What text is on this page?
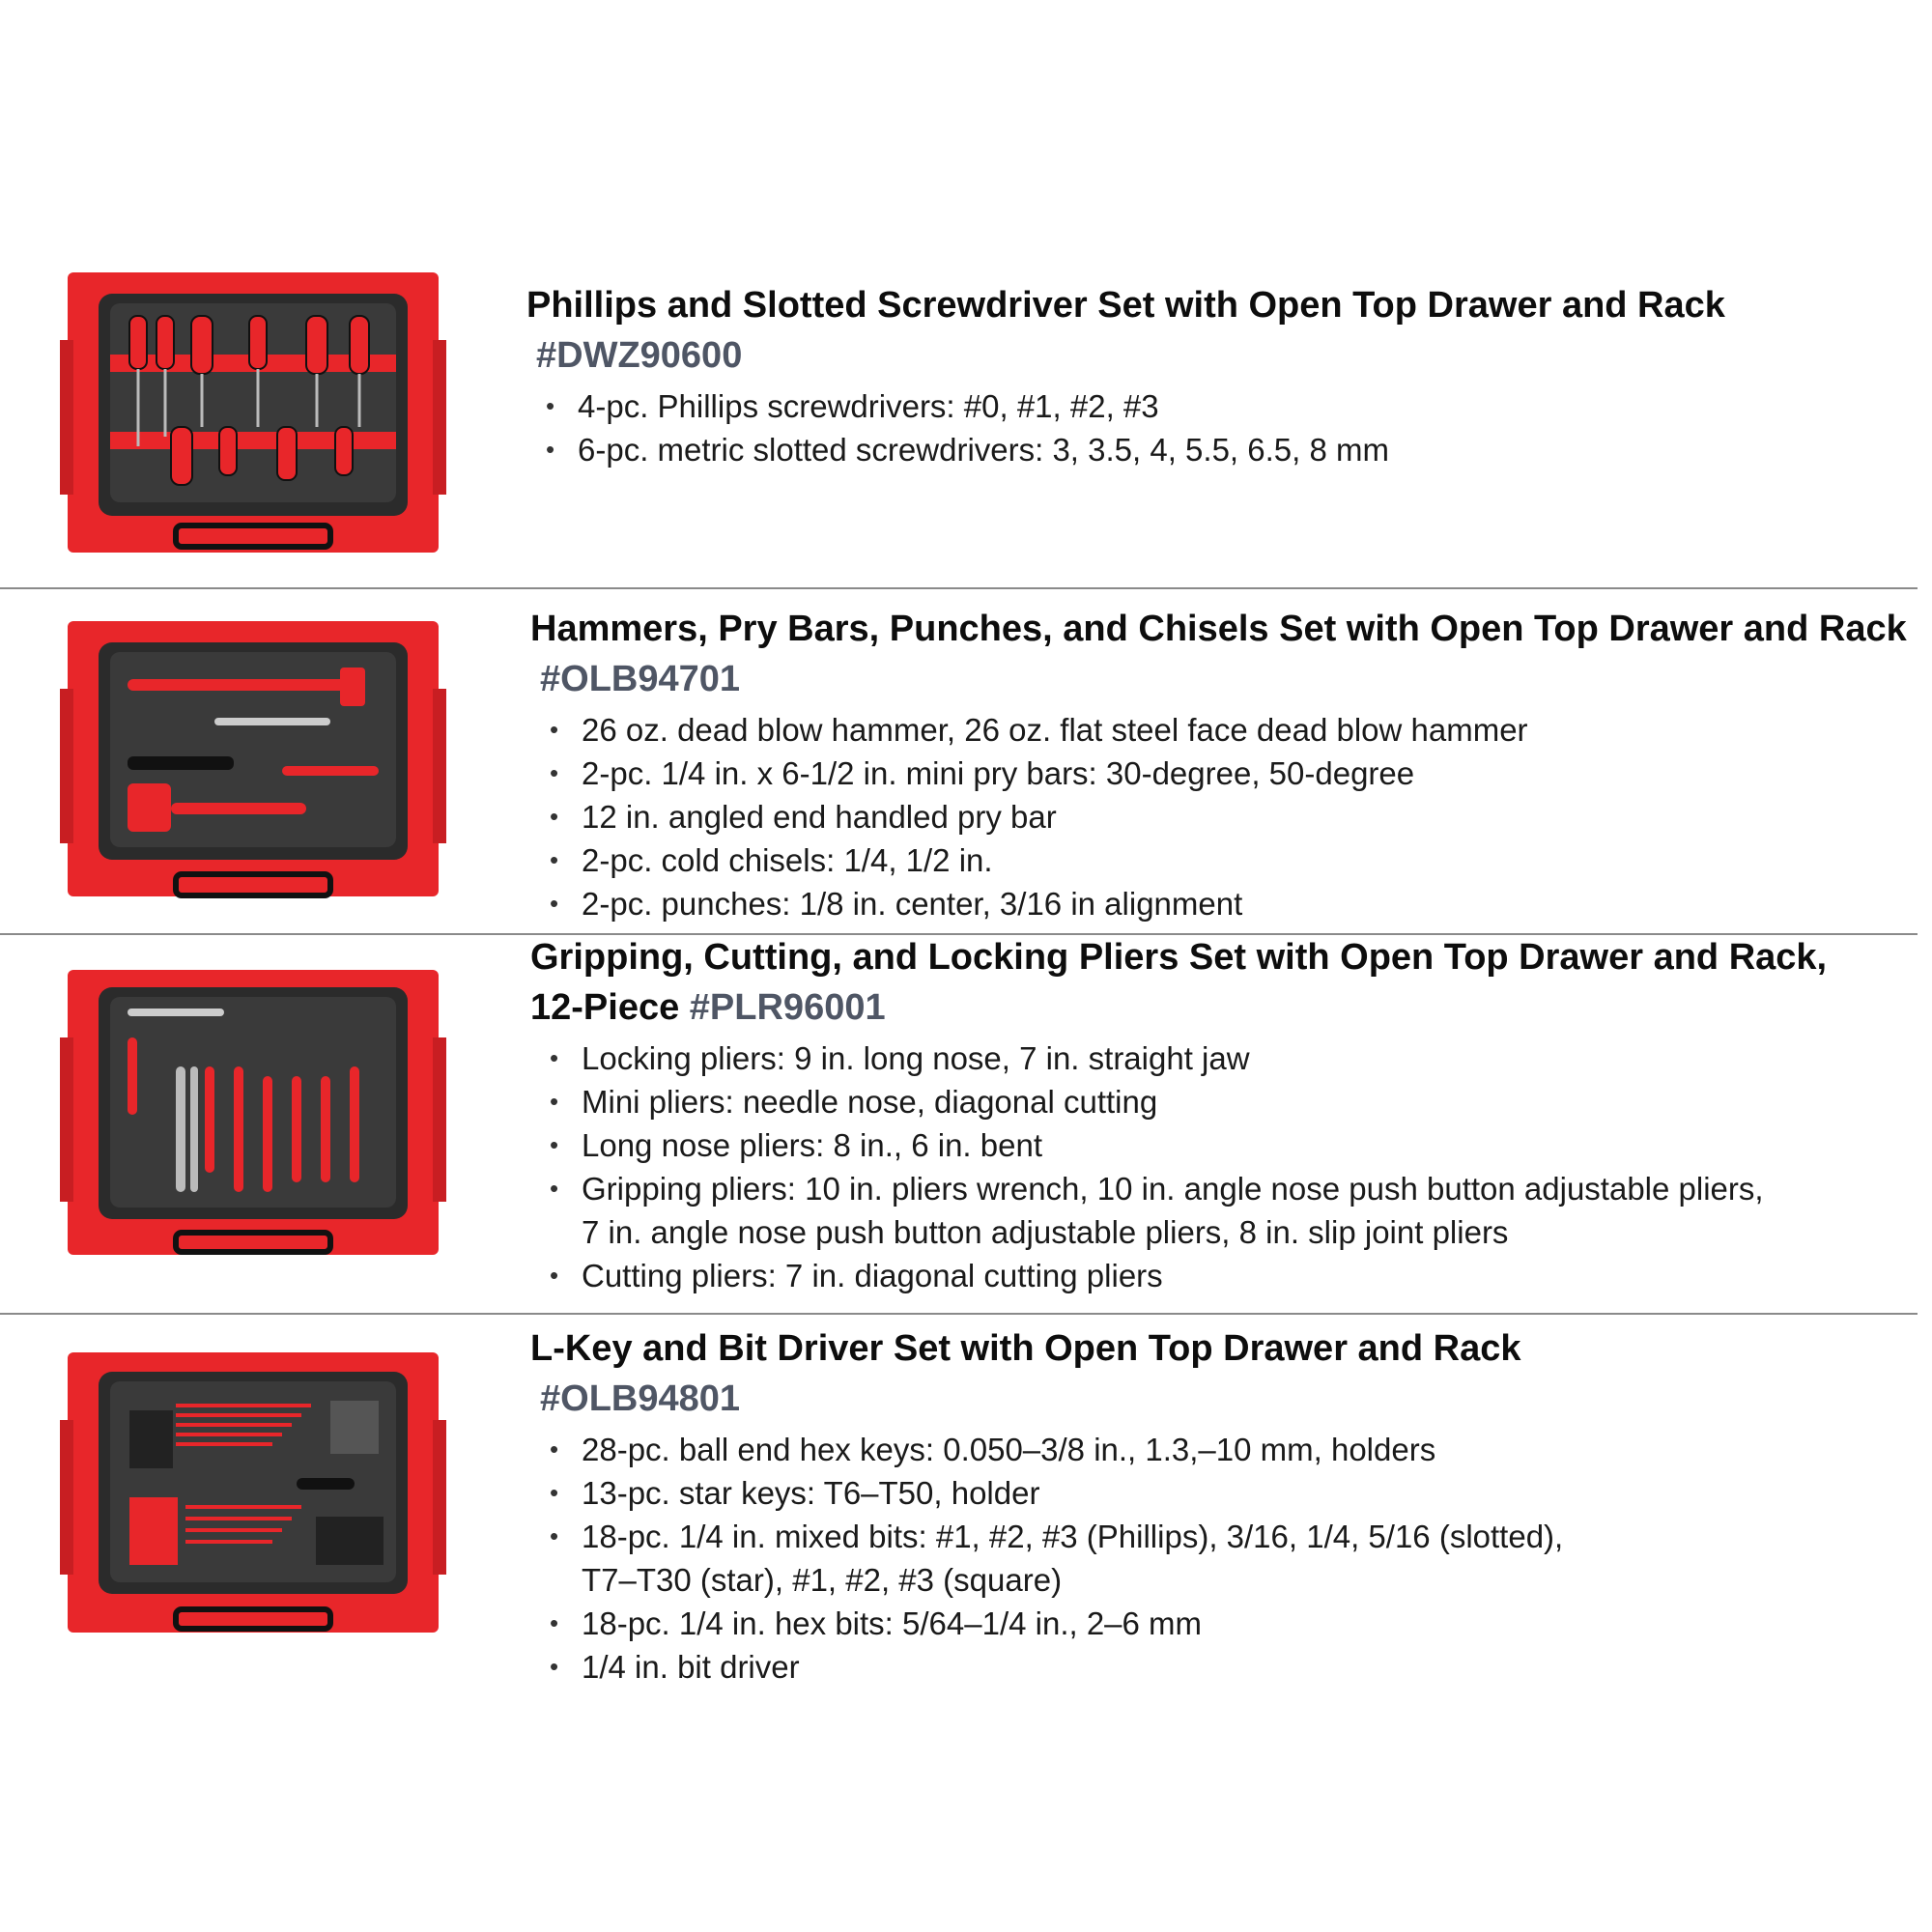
Phillips and Slotted Screwdriver Set with Open Top Drawer and Rack
#DWZ90600
• 4-pc. Phillips screwdrivers: #0, #1, #2, #3
• 6-pc. metric slotted screwdrivers: 3, 3.5, 4, 5.5, 6.5, 8 mm
Hammers, Pry Bars, Punches, and Chisels Set with Open Top Drawer and Rack
#OLB94701
• 26 oz. dead blow hammer, 26 oz. flat steel face dead blow hammer
• 2-pc. 1/4 in. x 6-1/2 in. mini pry bars: 30-degree, 50-degree
• 12 in. angled end handled pry bar
• 2-pc. cold chisels: 1/4, 1/2 in.
• 2-pc. punches: 1/8 in. center, 3/16 in alignment
Gripping, Cutting, and Locking Pliers Set with Open Top Drawer and Rack,
12-Piece #PLR96001
• Locking pliers: 9 in. long nose, 7 in. straight jaw
• Mini pliers: needle nose, diagonal cutting
• Long nose pliers: 8 in., 6 in. bent
• Gripping pliers: 10 in. pliers wrench, 10 in. angle nose push button adjustable pliers,
7 in. angle nose push button adjustable pliers, 8 in. slip joint pliers
• Cutting pliers: 7 in. diagonal cutting pliers
L-Key and Bit Driver Set with Open Top Drawer and Rack
#OLB94801
• 28-pc. ball end hex keys: 0.050–3/8 in., 1.3,–10 mm, holders
• 13-pc. star keys: T6–T50, holder
• 18-pc. 1/4 in. mixed bits: #1, #2, #3 (Phillips), 3/16, 1/4, 5/16 (slotted),
T7–T30 (star), #1, #2, #3 (square)
• 18-pc. 1/4 in. hex bits: 5/64–1/4 in., 2–6 mm
• 1/4 in. bit driver
